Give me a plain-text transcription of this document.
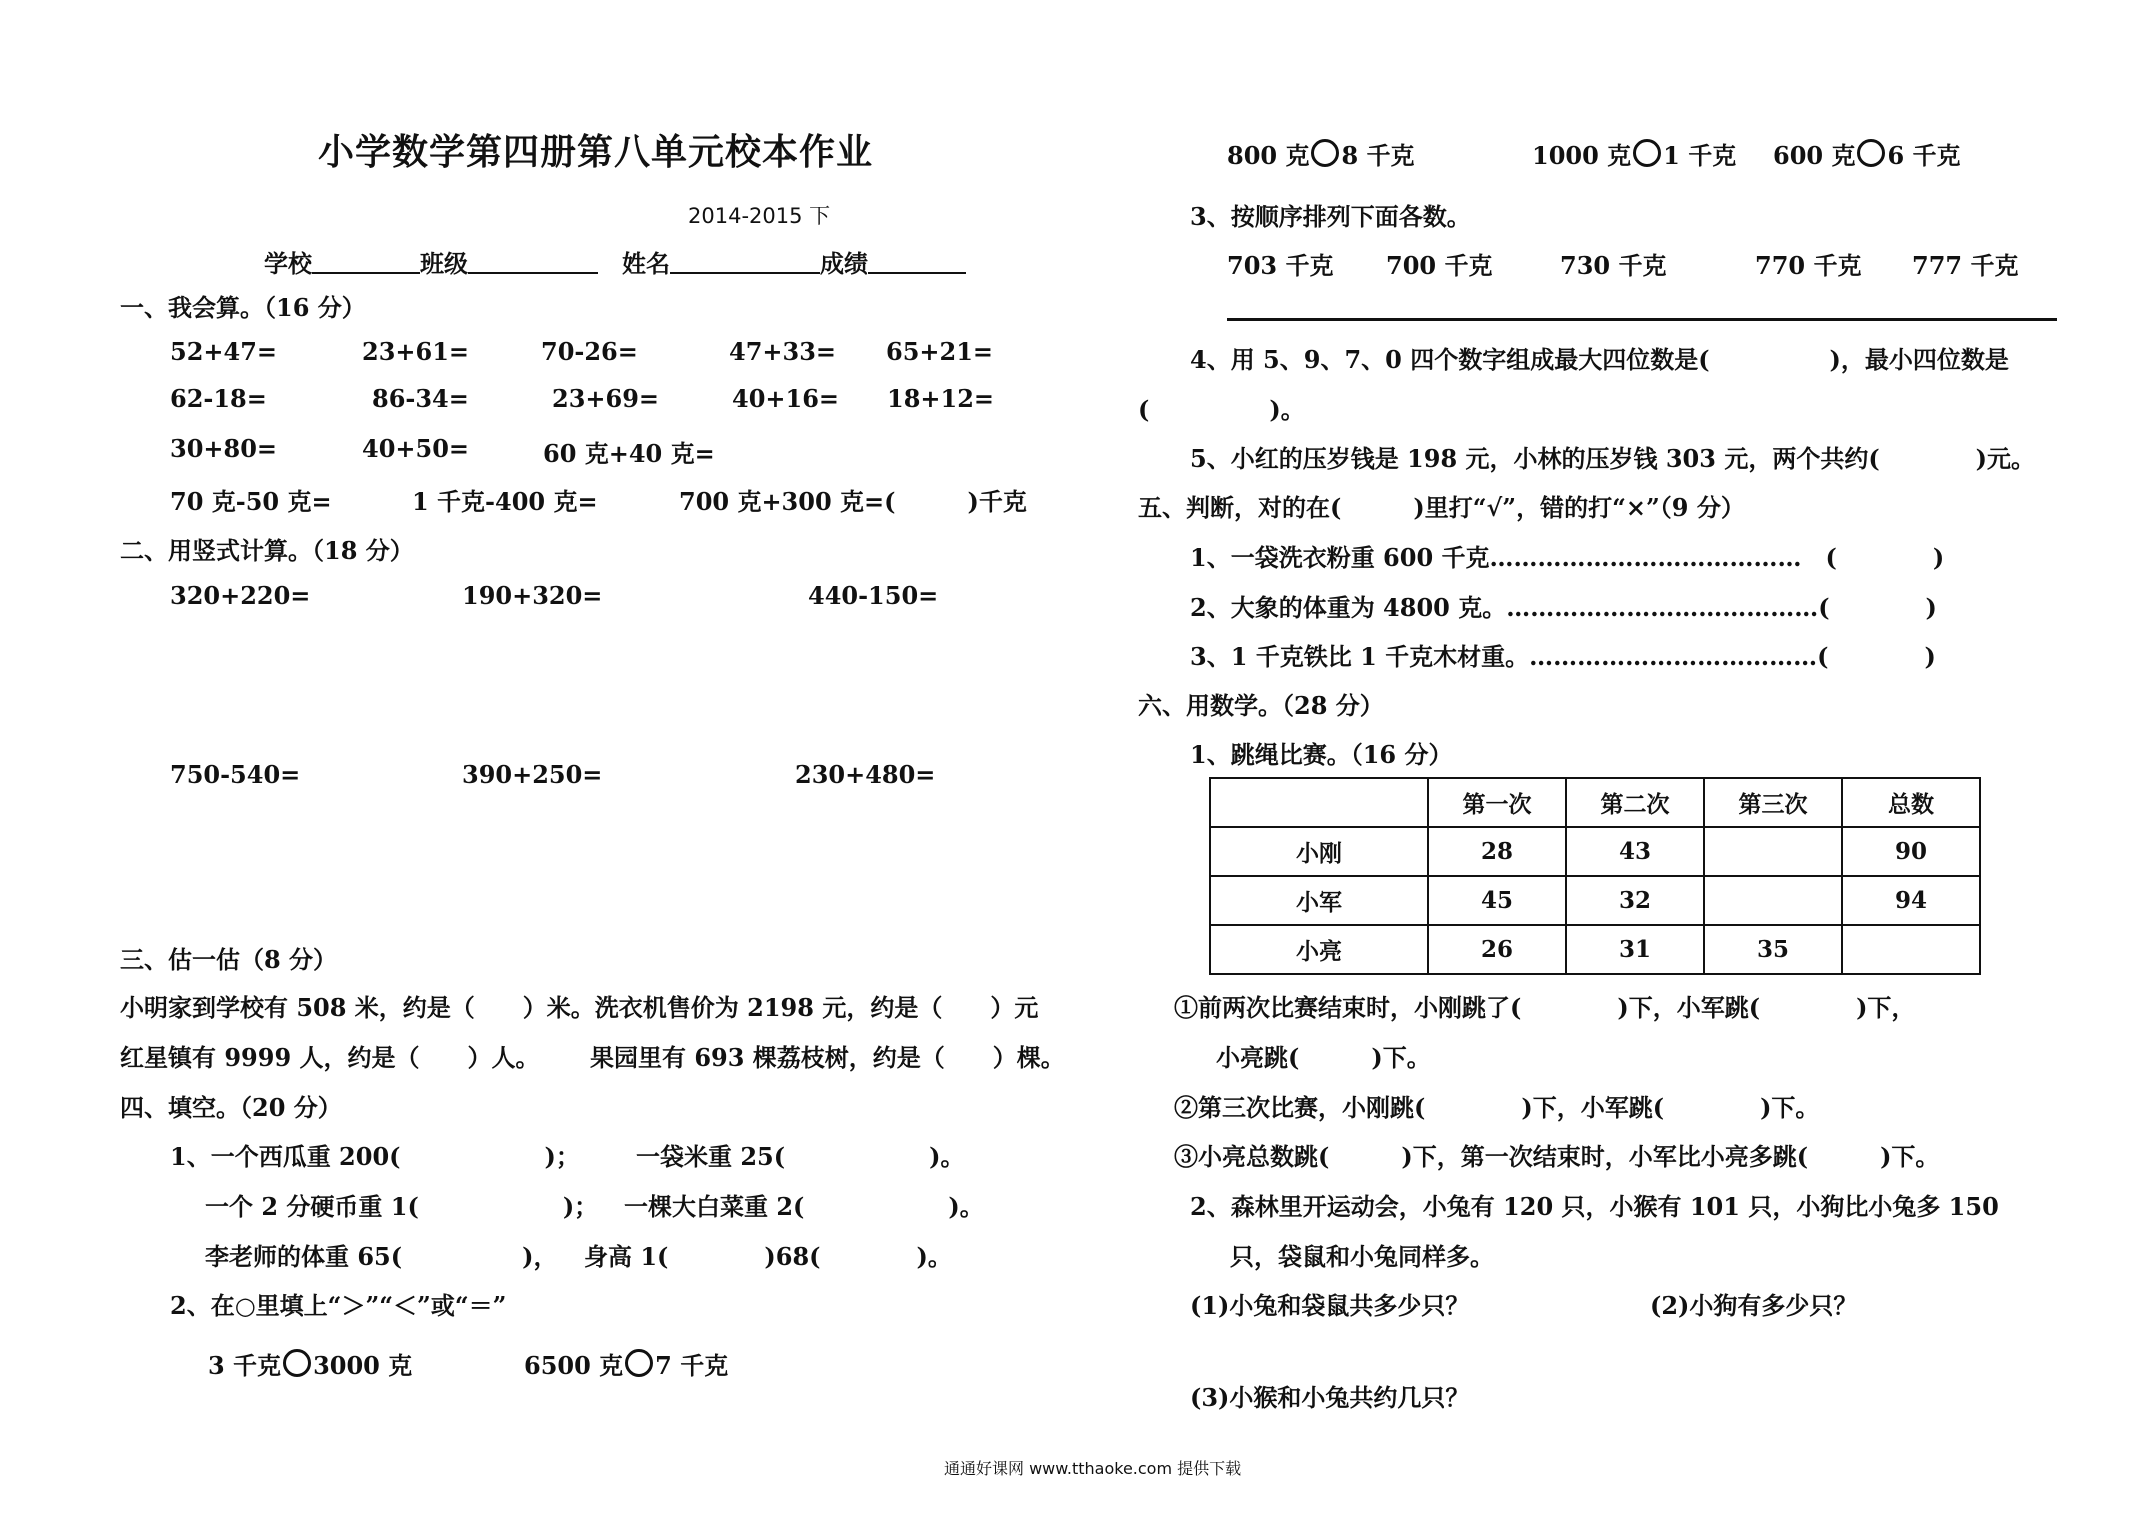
小学数学第四册第八单元校本作业
2014-2015 下
学校	班级　	姓名	成绩
一、我会算。（16 分）
52+47=	23+61=	70-26=	47+33= 65+21=
62-18=	86-34=	23+69=	40+16= 18+12=
30+80=	40+50=	60 克+40 克=
70 克-50 克=	1 千克-400 克=	700 克+300 克=(　　　)千克
二、用竖式计算。（18 分）
320+220=	190+320=	440-150=
750-540=	390+250=	230+480=
三、估一估（8 分）
小明家到学校有 508 米，约是（　　）米。洗衣机售价为 2198 元，约是（　　）元
红星镇有 9999 人，约是（　　）人。 果园里有 693 棵荔枝树，约是（　　）棵。
四、填空。（20 分）
1、一个西瓜重 200(　　　　　　)； 一袋米重 25(　　　　　　)。
一个 2 分硬币重 1(　　　　　　)； 一棵大白菜重 2(　　　　　　)。
李老师的体重 65(　　　　　)， 身高 1(　　　　)68(　　　　)。
2、在○里填上“＞”“＜”或“＝”
3 千克 3000 克	6500 克 7 千克
800 克 8 千克	1000 克 1 千克 600 克 6 千克
3、按顺序排列下面各数。
703 千克 700 千克	730 千克	770 千克 777 千克
4、用 5、9、7、0 四个数字组成最大四位数是(　　　　　)，最小四位数是
(　　　　　)。
5、小红的压岁钱是 198 元，小林的压岁钱 303 元，两个共约(　　　　)元。
五、判断，对的在(　　　)里打“√”，错的打“×”（9 分）
1、一袋洗衣粉重 600 千克…………………………………　(　　　　)
2、大象的体重为 4800 克。…………………………………(　　　　)
3、1 千克铁比 1 千克木材重。………………………………(　　　　)
六、用数学。（28 分）
1、跳绳比赛。（16 分）
	第一次	第二次	第三次	总数
小刚	28	43		90
小军	45	32		94
小亮	26	31	35	
①前两次比赛结束时，小刚跳了(　　　　)下，小军跳(　　　　)下，
小亮跳(　　　)下。
②第三次比赛，小刚跳(　　　　)下，小军跳(　　　　)下。
③小亮总数跳(　　　)下，第一次结束时，小军比小亮多跳(　　　)下。
2、森林里开运动会，小兔有 120 只，小猴有 101 只，小狗比小兔多 150
只，袋鼠和小兔同样多。
(1)小兔和袋鼠共多少只？	(2)小狗有多少只？
(3)小猴和小兔共约几只？
通通好课网 www.tthaoke.com 提供下载
